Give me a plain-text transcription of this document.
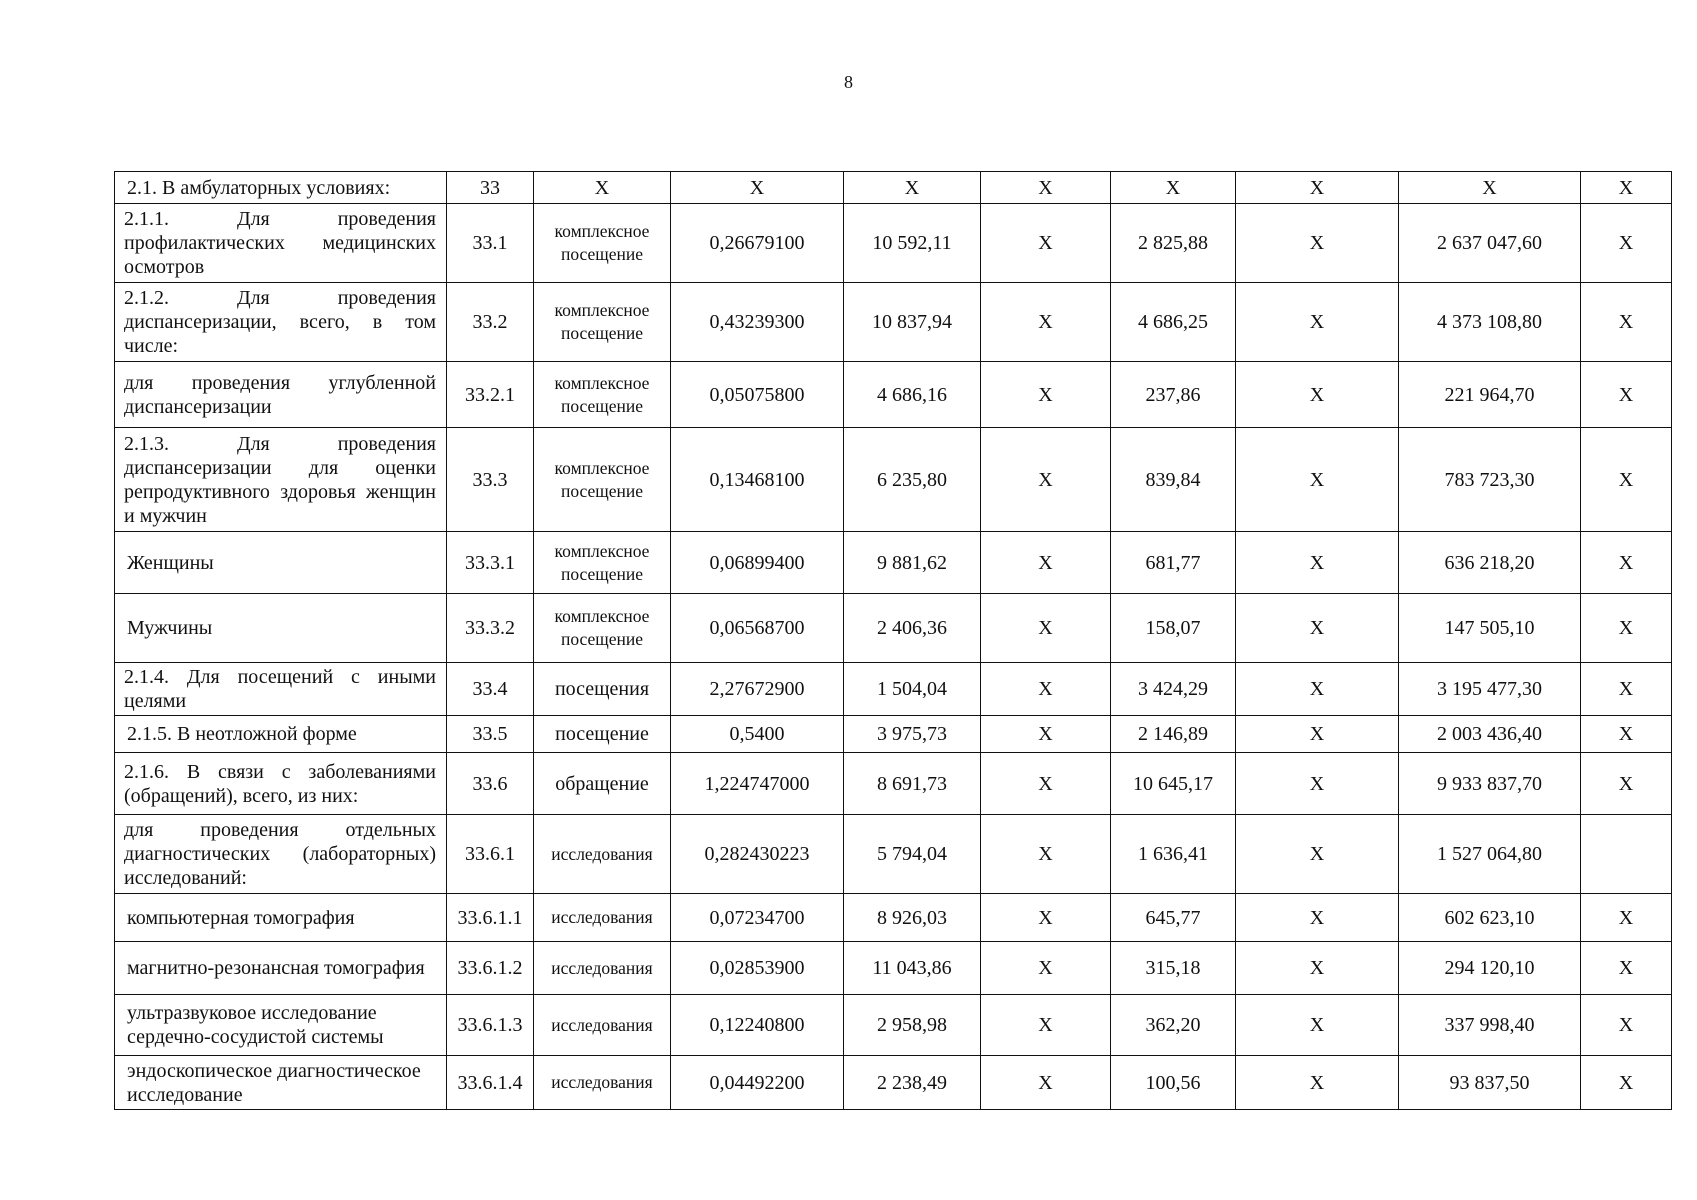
8
2.1. В амбулаторных условиях:	33	X	X	X	X	X	X	X	X
2.1.1. Для проведения профилактических медицинских осмотров	33.1	комплексное посещение	0,26679100	10 592,11	X	2 825,88	X	2 637 047,60	X
2.1.2. Для проведения диспансеризации, всего, в том числе:	33.2	комплексное посещение	0,43239300	10 837,94	X	4 686,25	X	4 373 108,80	X
для проведения углубленной диспансеризации	33.2.1	комплексное посещение	0,05075800	4 686,16	X	237,86	X	221 964,70	X
2.1.3. Для проведения диспансеризации для оценки репродуктивного здоровья женщин и мужчин	33.3	комплексное посещение	0,13468100	6 235,80	X	839,84	X	783 723,30	X
Женщины	33.3.1	комплексное посещение	0,06899400	9 881,62	X	681,77	X	636 218,20	X
Мужчины	33.3.2	комплексное посещение	0,06568700	2 406,36	X	158,07	X	147 505,10	X
2.1.4. Для посещений с иными целями	33.4	посещения	2,27672900	1 504,04	X	3 424,29	X	3 195 477,30	X
2.1.5. В неотложной форме	33.5	посещение	0,5400	3 975,73	X	2 146,89	X	2 003 436,40	X
2.1.6. В связи с заболеваниями (обращений), всего, из них:	33.6	обращение	1,224747000	8 691,73	X	10 645,17	X	9 933 837,70	X
для проведения отдельных диагностических (лабораторных) исследований:	33.6.1	исследования	0,282430223	5 794,04	X	1 636,41	X	1 527 064,80	
компьютерная томография	33.6.1.1	исследования	0,07234700	8 926,03	X	645,77	X	602 623,10	X
магнитно-резонансная томография	33.6.1.2	исследования	0,02853900	11 043,86	X	315,18	X	294 120,10	X
ультразвуковое исследование сердечно-сосудистой системы	33.6.1.3	исследования	0,12240800	2 958,98	X	362,20	X	337 998,40	X
эндоскопическое диагностическое исследование	33.6.1.4	исследования	0,04492200	2 238,49	X	100,56	X	93 837,50	X
